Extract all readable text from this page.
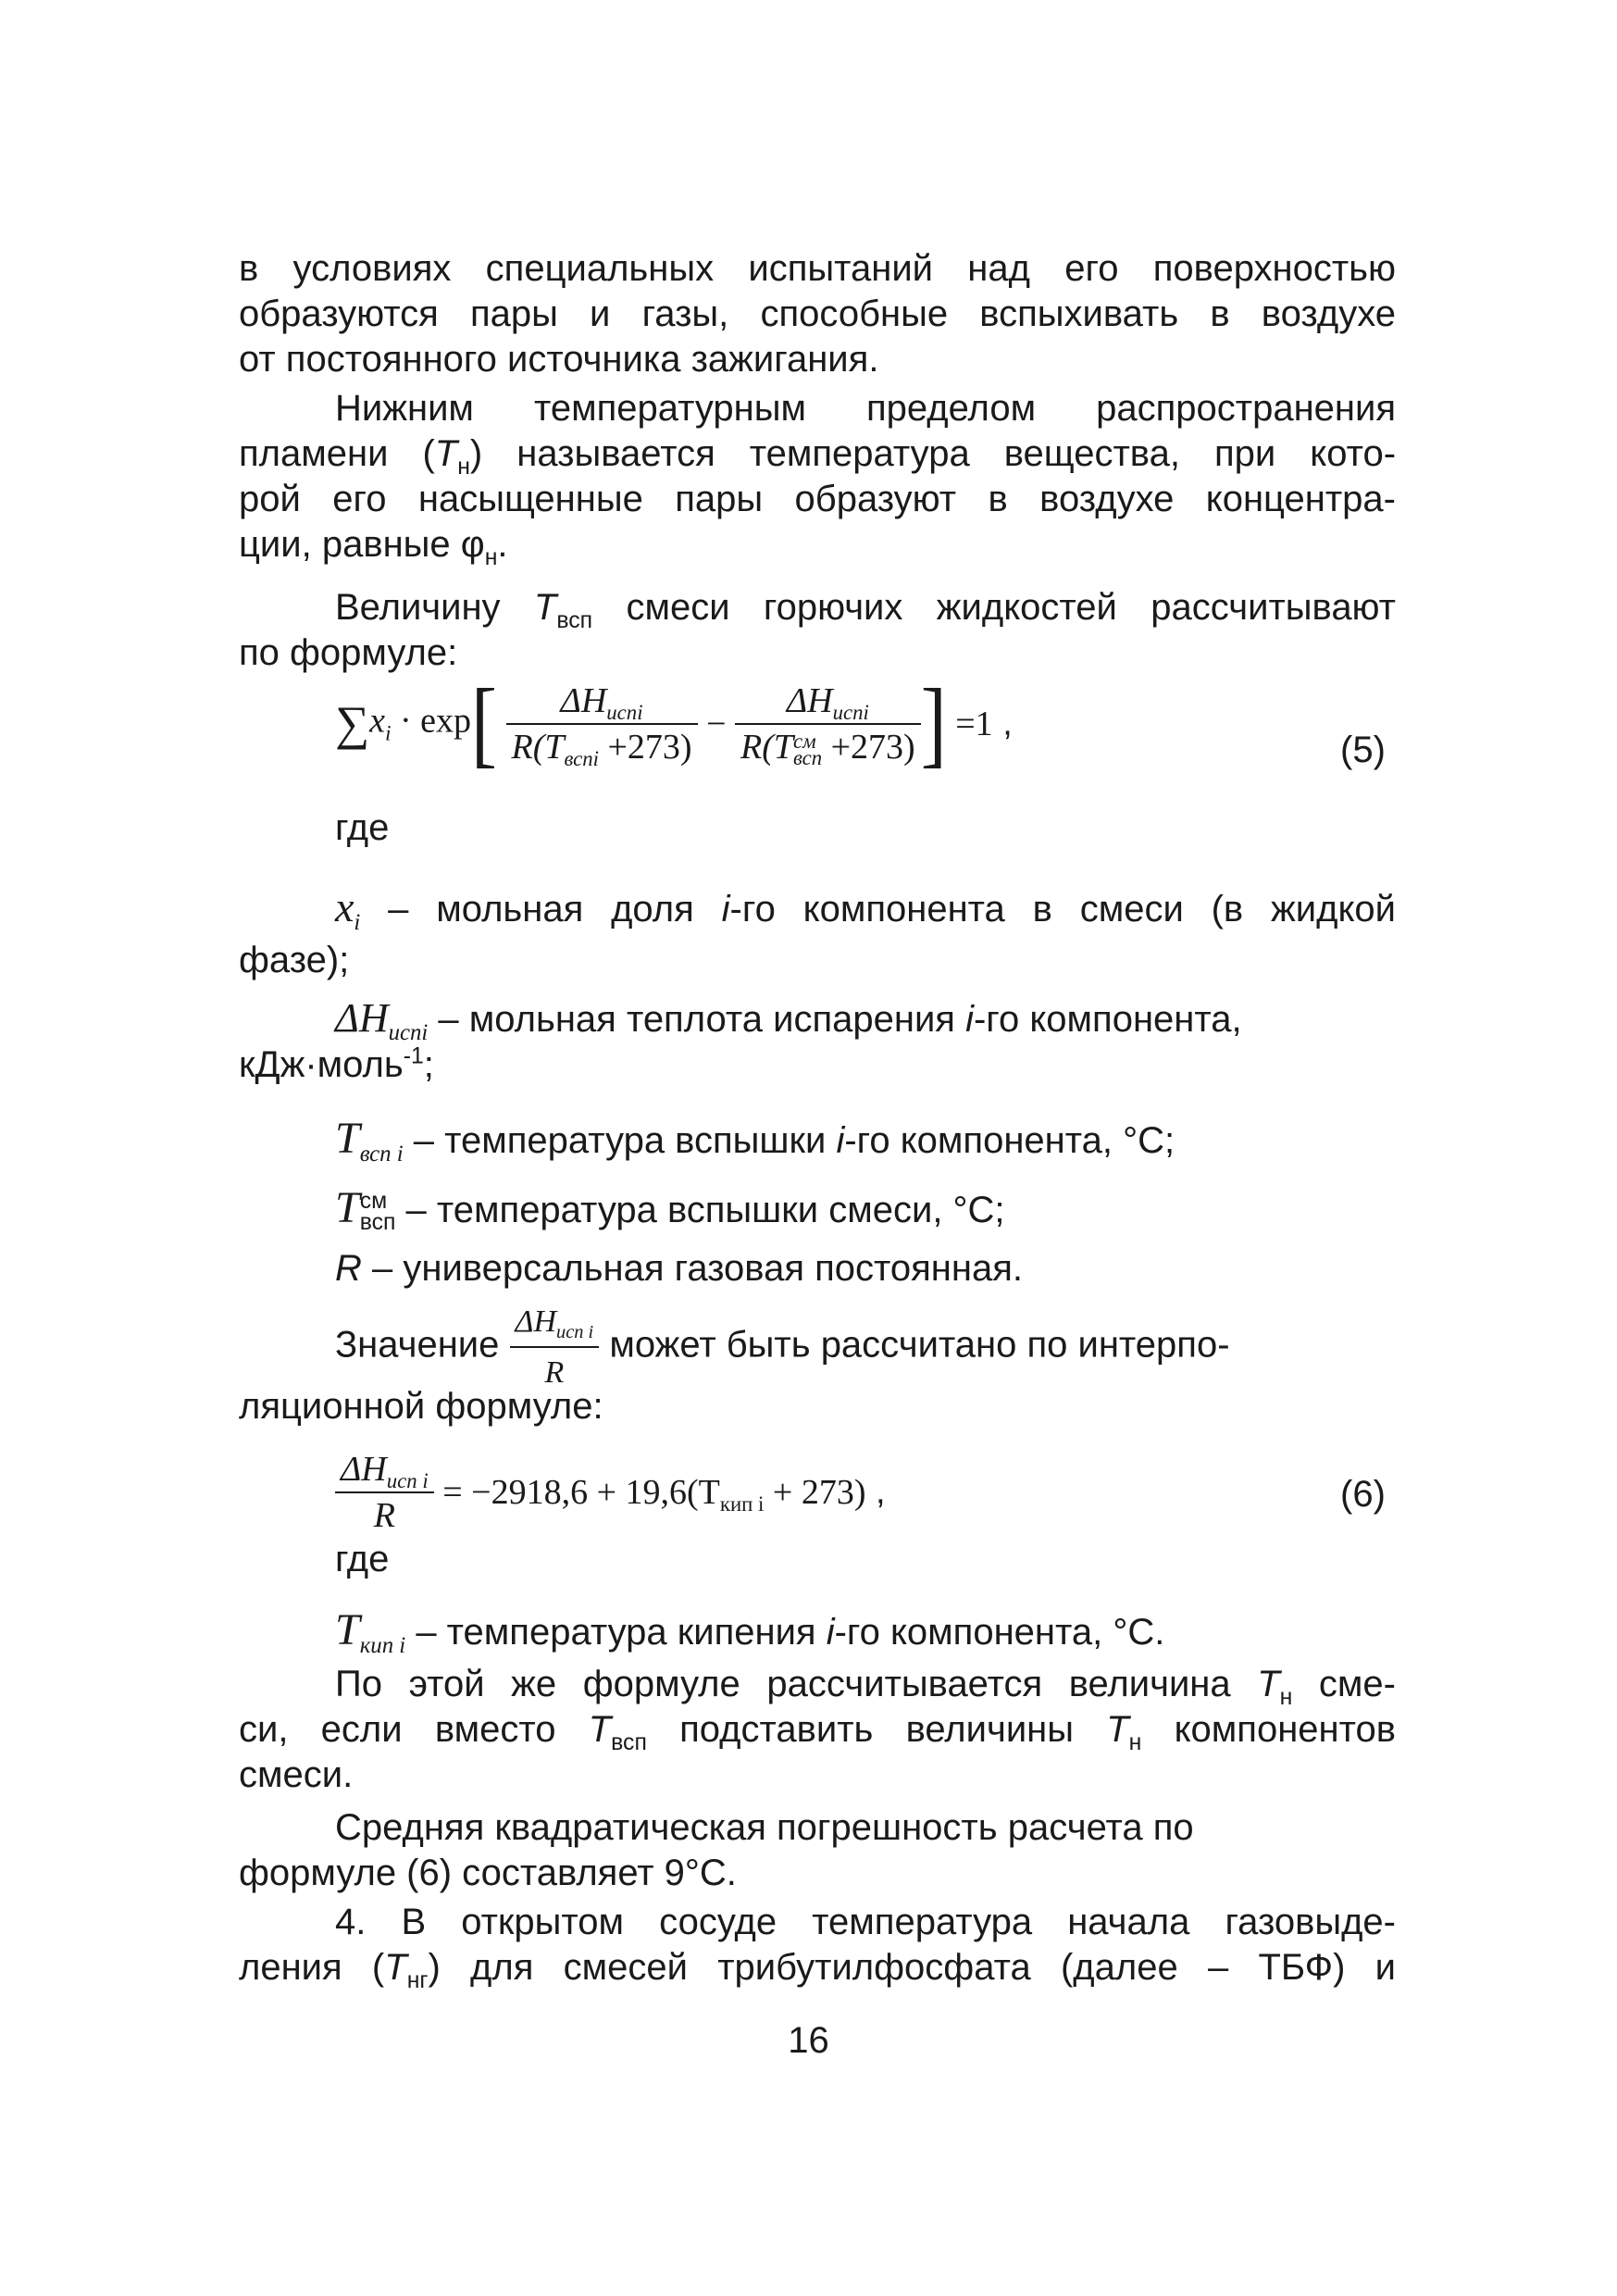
в условиях специальных испытаний над его поверхностью
образуются пары и газы, способные вспыхивать в воздухе
от постоянного источника зажигания.
Нижним температурным пределом распространения
пламени $(Т_н)$ называется температура вещества, при кото-
рой его насыщенные пары образуют в воздухе концентра-
ции, равные $\varphi_н$.
Величину $Т_{всп}$ смеси горючих жидкостей рассчитывают
по формуле:
$\sum x_i \cdot \exp[ \frac{\Delta H_{испi}}{R(T_{вспi} +273)} - \Delta H_{испi}$
R(T см
всп +273) ] =1 ,
(5)
где
$x_i$ – мольная доля i-го компонента в смеси (в жидкой
фазе);
$\Delta H_{испi}$ – мольная теплота испарения i-го компонента,
кДж·моль$^{-1}$;
$T_{всп i}$ – температура вспышки i-го компонента, °С;
T см
всп – температура вспышки смеси, °С;
R – универсальная газовая постоянная.
Значение $\frac{\Delta H_{исп i}}{R}$ может быть рассчитано по интерпо-
ляционной формуле:
$\frac{\Delta H_{исп i}}{R} = -2918,6 + 19,6(T_{кип i} + 273)$ ,	(6)
где
$T_{кип i}$ – температура кипения i-го компонента, °С.
По этой же формуле рассчитывается величина $Т_н$ сме-
си, если вместо $Т_{всп}$ подставить величины $Т_н$ компонентов
смеси.
Средняя квадратическая погрешность расчета по
формуле (6) составляет 9°С.
4. В открытом сосуде температура начала газовыде-
ления $(Т_{нг})$ для смесей трибутилфосфата (далее – ТБФ) и
16
